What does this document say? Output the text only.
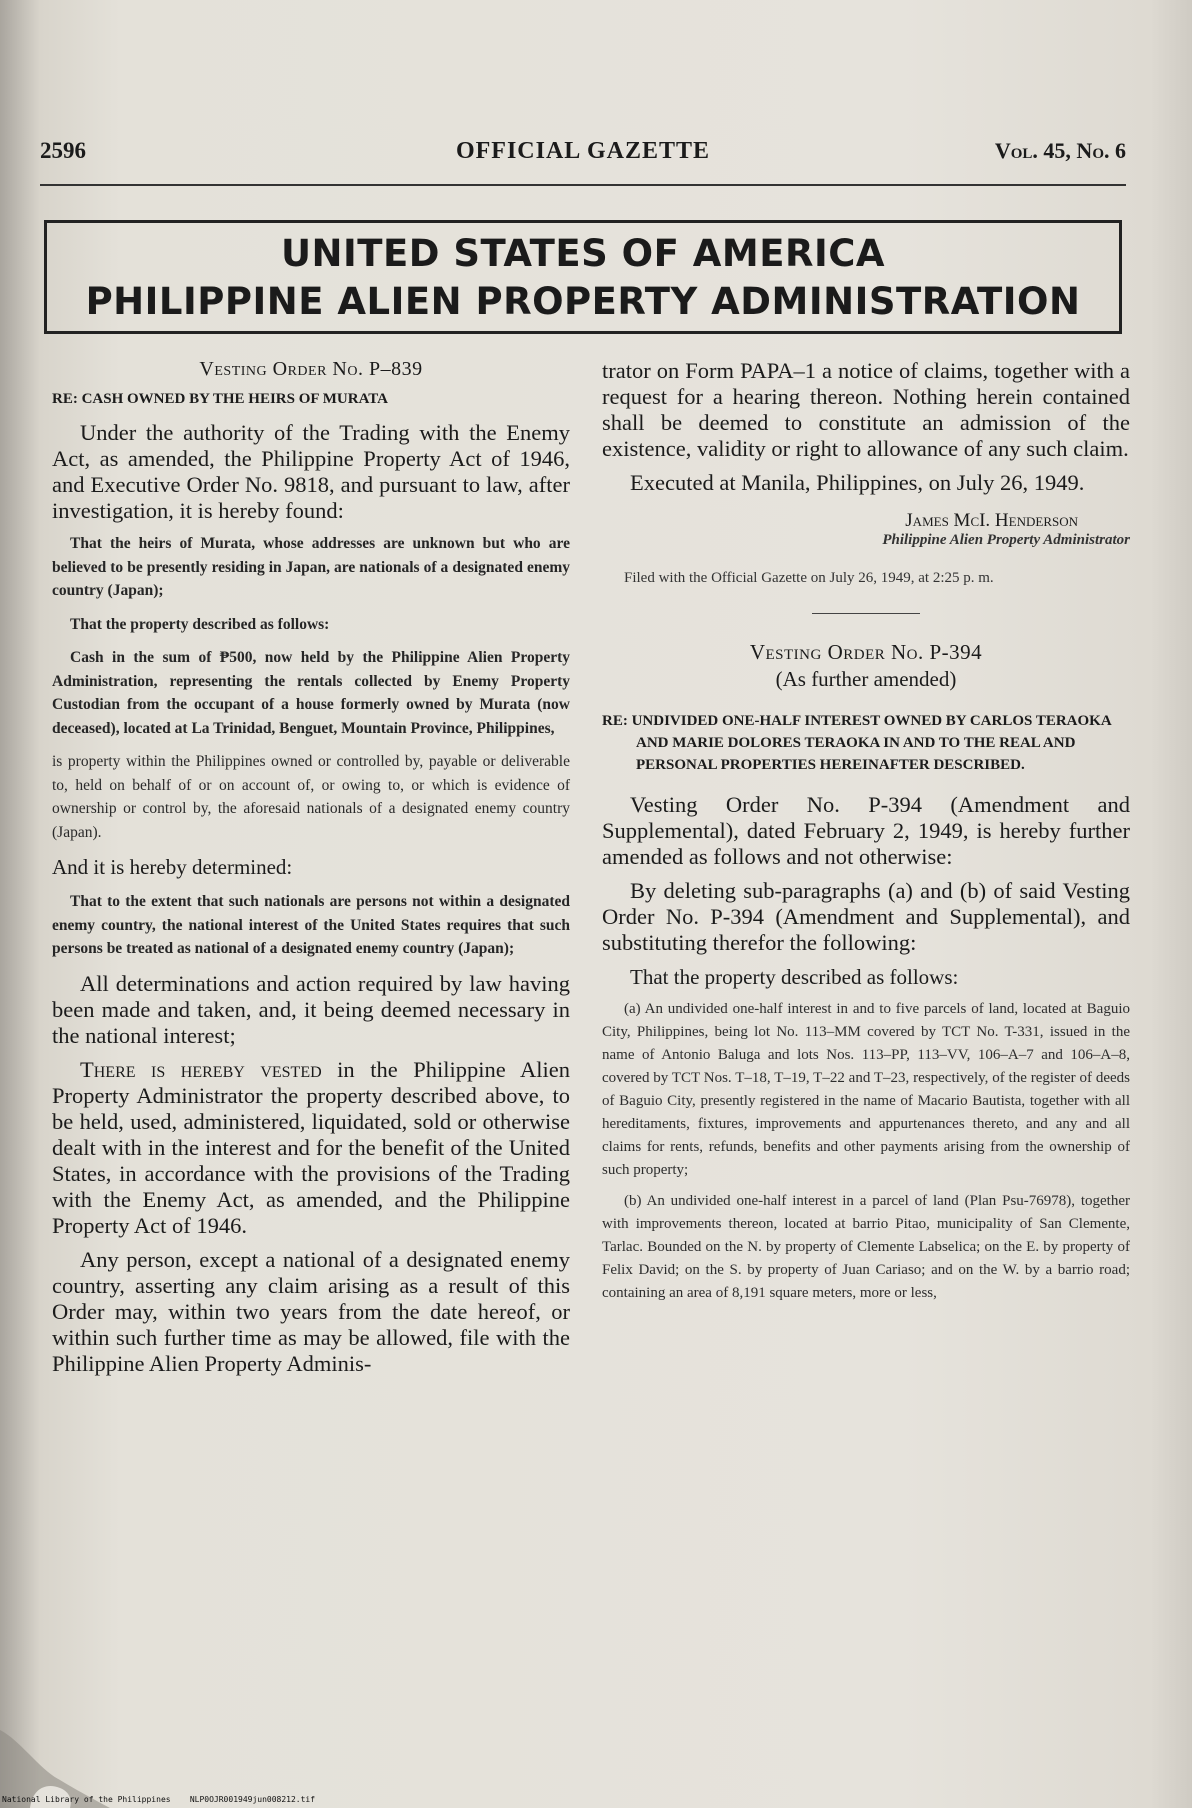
2596	OFFICIAL GAZETTE	Vol. 45, No. 6
UNITED STATES OF AMERICA
PHILIPPINE ALIEN PROPERTY ADMINISTRATION

Vesting Order No. P–839

RE: CASH OWNED BY THE HEIRS OF MURATA

Under the authority of the Trading with the Enemy Act, as amended, the Philippine Property Act of 1946, and Executive Order No. 9818, and pursuant to law, after investigation, it is hereby found:

That the heirs of Murata, whose addresses are unknown but who are believed to be presently residing in Japan, are nationals of a designated enemy country (Japan);

That the property described as follows:

Cash in the sum of ₱500, now held by the Philippine Alien Property Administration, representing the rentals collected by Enemy Property Custodian from the occupant of a house formerly owned by Murata (now deceased), located at La Trinidad, Benguet, Mountain Province, Philippines,

is property within the Philippines owned or controlled by, payable or deliverable to, held on behalf of or on account of, or owing to, or which is evidence of ownership or control by, the aforesaid nationals of a designated enemy country (Japan).

And it is hereby determined:

That to the extent that such nationals are persons not within a designated enemy country, the national interest of the United States requires that such persons be treated as national of a designated enemy country (Japan);

All determinations and action required by law having been made and taken, and, it being deemed necessary in the national interest;

There is hereby vested in the Philippine Alien Property Administrator the property described above, to be held, used, administered, liquidated, sold or otherwise dealt with in the interest and for the benefit of the United States, in accordance with the provisions of the Trading with the Enemy Act, as amended, and the Philippine Property Act of 1946.

Any person, except a national of a designated enemy country, asserting any claim arising as a result of this Order may, within two years from the date hereof, or within such further time as may be allowed, file with the Philippine Alien Property Adminis-

trator on Form PAPA–1 a notice of claims, together with a request for a hearing thereon. Nothing herein contained shall be deemed to constitute an admission of the existence, validity or right to allowance of any such claim.

Executed at Manila, Philippines, on July 26, 1949.

James McI. Henderson

Philippine Alien Property Administrator

Filed with the Official Gazette on July 26, 1949, at 2:25 p. m.

Vesting Order No. P-394

(As further amended)

RE: UNDIVIDED ONE-HALF INTEREST OWNED BY CARLOS TERAOKA AND MARIE DOLORES TERAOKA IN AND TO THE REAL AND PERSONAL PROPERTIES HEREINAFTER DESCRIBED.

Vesting Order No. P-394 (Amendment and Supplemental), dated February 2, 1949, is hereby further amended as follows and not otherwise:

By deleting sub-paragraphs (a) and (b) of said Vesting Order No. P-394 (Amendment and Supplemental), and substituting therefor the following:

That the property described as follows:

(a) An undivided one-half interest in and to five parcels of land, located at Baguio City, Philippines, being lot No. 113–MM covered by TCT No. T-331, issued in the name of Antonio Baluga and lots Nos. 113–PP, 113–VV, 106–A–7 and 106–A–8, covered by TCT Nos. T–18, T–19, T–22 and T–23, respectively, of the register of deeds of Baguio City, presently registered in the name of Macario Bautista, together with all hereditaments, fixtures, improvements and appurtenances thereto, and any and all claims for rents, refunds, benefits and other payments arising from the ownership of such property;

(b) An undivided one-half interest in a parcel of land (Plan Psu-76978), together with improvements thereon, located at barrio Pitao, municipality of San Clemente, Tarlac. Bounded on the N. by property of Clemente Labselica; on the E. by property of Felix David; on the S. by property of Juan Cariaso; and on the W. by a barrio road; containing an area of 8,191 square meters, more or less,

National Library of the Philippines    NLP0OJR001949jun008212.tif
